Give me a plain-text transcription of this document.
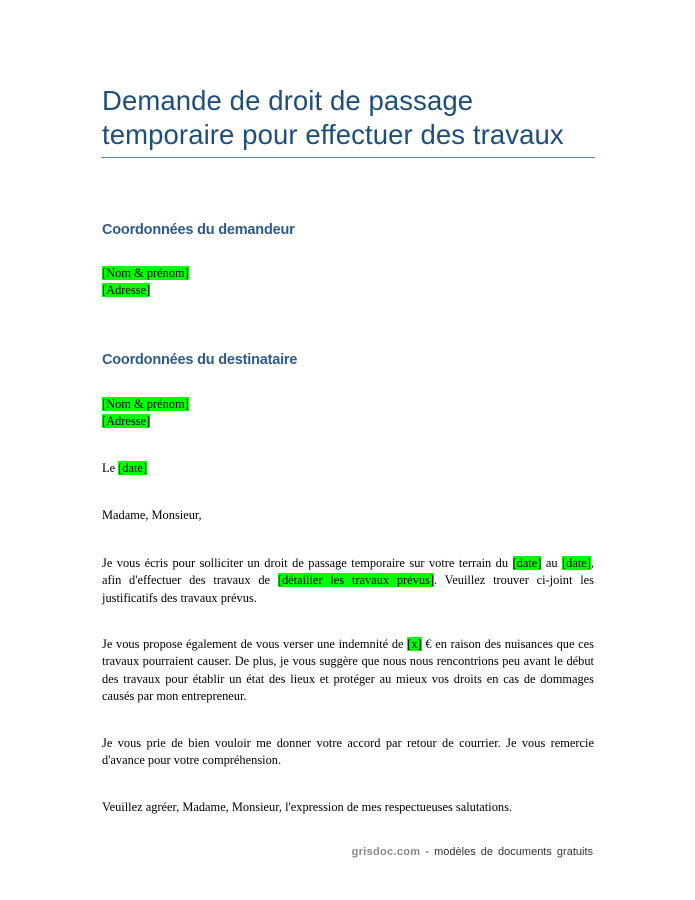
Demande de droit de passage
temporaire pour effectuer des travaux
Coordonnées du demandeur
[Nom & prénom]
[Adresse]
Coordonnées du destinataire
[Nom & prénom]
[Adresse]
Le [date]
Madame, Monsieur,
Je vous écris pour solliciter un droit de passage temporaire sur votre terrain du [date] au [date], afin d'effectuer des travaux de [détailler les travaux prévus]. Veuillez trouver ci-joint les justificatifs des travaux prévus.
Je vous propose également de vous verser une indemnité de [x] € en raison des nuisances que ces travaux pourraient causer. De plus, je vous suggère que nous nous rencontrions peu avant le début des travaux pour établir un état des lieux et protéger au mieux vos droits en cas de dommages causés par mon entrepreneur.
Je vous prie de bien vouloir me donner votre accord par retour de courrier. Je vous remercie d'avance pour votre compréhension.
Veuillez agréer, Madame, Monsieur, l'expression de mes respectueuses salutations.
grisdoc.com - modèles de documents gratuits
